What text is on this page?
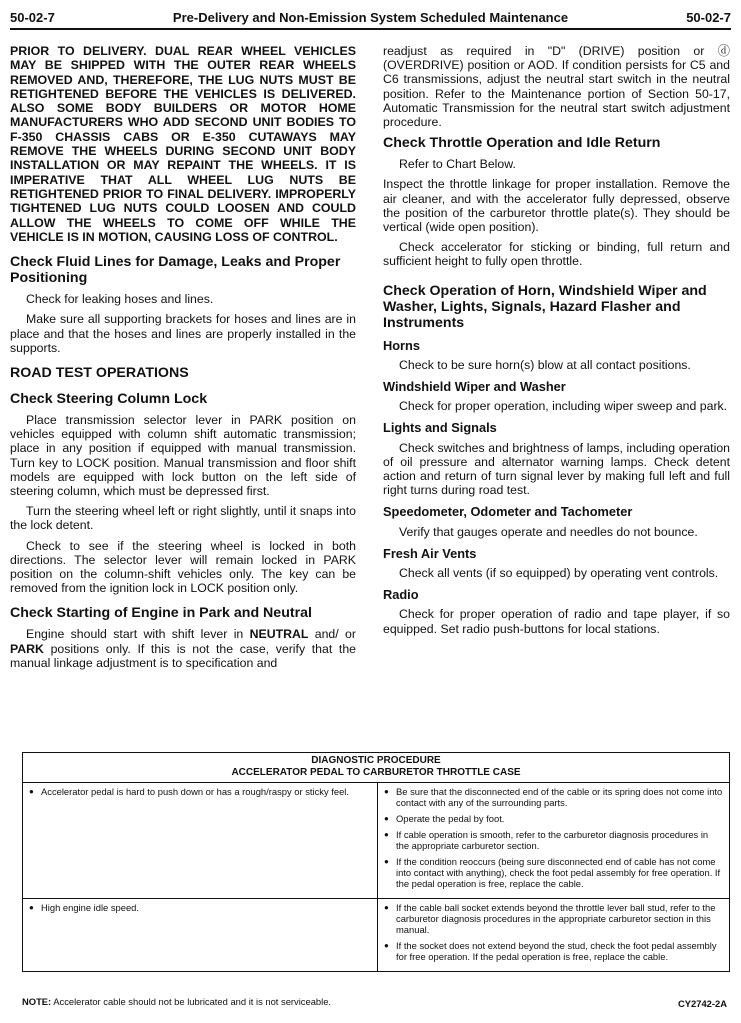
50-02-7	Pre-Delivery and Non-Emission System Scheduled Maintenance	50-02-7

PRIOR TO DELIVERY. DUAL REAR WHEEL VEHICLES MAY BE SHIPPED WITH THE OUTER REAR WHEELS REMOVED AND, THEREFORE, THE LUG NUTS MUST BE RETIGHTENED BEFORE THE VEHICLES IS DELIVERED. ALSO SOME BODY BUILDERS OR MOTOR HOME MANUFACTURERS WHO ADD SECOND UNIT BODIES TO F-350 CHASSIS CABS OR E-350 CUTAWAYS MAY REMOVE THE WHEELS DURING SECOND UNIT BODY INSTALLATION OR MAY REPAINT THE WHEELS. IT IS IMPERATIVE THAT ALL WHEEL LUG NUTS BE RETIGHTENED PRIOR TO FINAL DELIVERY. IMPROPERLY TIGHTENED LUG NUTS COULD LOOSEN AND COULD ALLOW THE WHEELS TO COME OFF WHILE THE VEHICLE IS IN MOTION, CAUSING LOSS OF CONTROL.

Check Fluid Lines for Damage, Leaks and Proper Positioning

Check for leaking hoses and lines.

Make sure all supporting brackets for hoses and lines are in place and that the hoses and lines are properly installed in the supports.

ROAD TEST OPERATIONS
Check Steering Column Lock

Place transmission selector lever in PARK position on vehicles equipped with column shift automatic transmission; place in any position if equipped with manual transmission. Turn key to LOCK position. Manual transmission and floor shift models are equipped with lock button on the left side of steering column, which must be depressed first.

Turn the steering wheel left or right slightly, until it snaps into the lock detent.

Check to see if the steering wheel is locked in both directions. The selector lever will remain locked in PARK position on the column-shift vehicles only. The key can be removed from the ignition lock in LOCK position only.

Check Starting of Engine in Park and Neutral

Engine should start with shift lever in NEUTRAL and/ or PARK positions only. If this is not the case, verify that the manual linkage adjustment is to specification and

readjust as required in "D" (DRIVE) position or ⓓ (OVERDRIVE) position or AOD. If condition persists for C5 and C6 transmissions, adjust the neutral start switch in the neutral position. Refer to the Maintenance portion of Section 50-17, Automatic Transmission for the neutral start switch adjustment procedure.

Check Throttle Operation and Idle Return

Refer to Chart Below.

Inspect the throttle linkage for proper installation. Remove the air cleaner, and with the accelerator fully depressed, observe the position of the carburetor throttle plate(s). They should be vertical (wide open position).

Check accelerator for sticking or binding, full return and sufficient height to fully open throttle.

Check Operation of Horn, Windshield Wiper and Washer, Lights, Signals, Hazard Flasher and Instruments
Horns

Check to be sure horn(s) blow at all contact positions.

Windshield Wiper and Washer

Check for proper operation, including wiper sweep and park.

Lights and Signals

Check switches and brightness of lamps, including operation of oil pressure and alternator warning lamps. Check detent action and return of turn signal lever by making full left and full right turns during road test.

Speedometer, Odometer and Tachometer

Verify that gauges operate and needles do not bounce.

Fresh Air Vents

Check all vents (if so equipped) by operating vent controls.

Radio

Check for proper operation of radio and tape player, if so equipped. Set radio push-buttons for local stations.

DIAGNOSTIC PROCEDURE
ACCELERATOR PEDAL TO CARBURETOR THROTTLE CASE
● Accelerator pedal is hard to push down or has a rough/raspy or sticky feel.	● Be sure that the disconnected end of the cable or its spring does not come into contact with any of the surrounding parts.
● Operate the pedal by foot.
● If cable operation is smooth, refer to the carburetor diagnosis procedures in the appropriate carburetor section.
● If the condition reoccurs (being sure disconnected end of cable has not come into contact with anything), check the foot pedal assembly for free operation. If the pedal operation is free, replace the cable.

● High engine idle speed.	● If the cable ball socket extends beyond the throttle lever ball stud, refer to the carburetor diagnosis procedures in the appropriate carburetor section in this manual.
● If the socket does not extend beyond the stud, check the foot pedal assembly for free operation. If the pedal operation is free, replace the cable.
NOTE: Accelerator cable should not be lubricated and it is not serviceable.	CY2742-2A
